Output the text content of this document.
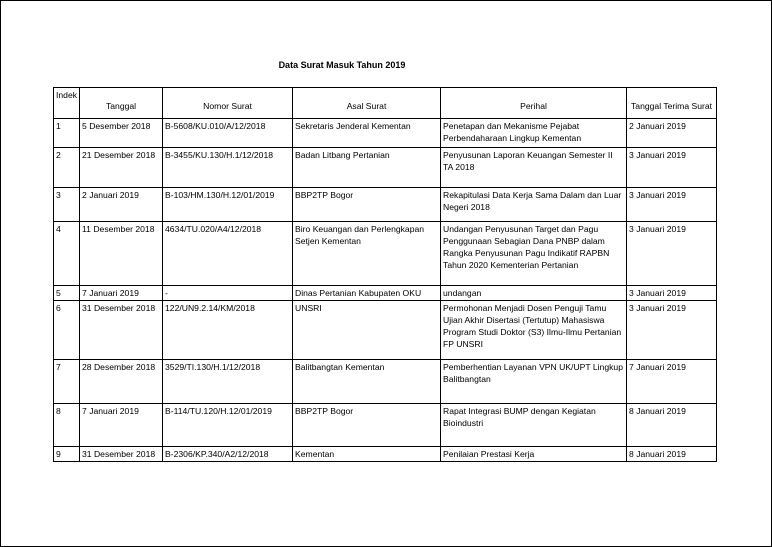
Data Surat Masuk Tahun 2019
Indek	Tanggal	Nomor Surat	Asal Surat	Perihal	Tanggal Terima Surat
1	5 Desember 2018	B-5608/KU.010/A/12/2018	Sekretaris Jenderal Kementan	Penetapan dan Mekanisme Pejabat Perbendaharaan Lingkup Kementan	2 Januari 2019
2	21 Desember 2018	B-3455/KU.130/H.1/12/2018	Badan Litbang Pertanian	Penyusunan Laporan Keuangan Semester II TA 2018	3 Januari 2019
3	2 Januari 2019	B-103/HM.130/H.12/01/2019	BBP2TP Bogor	Rekapitulasi Data Kerja Sama Dalam dan Luar Negeri 2018	3 Januari 2019
4	11 Desember 2018	4634/TU.020/A4/12/2018	Biro Keuangan dan Perlengkapan Setjen Kementan	Undangan Penyusunan Target dan Pagu Penggunaan Sebagian Dana PNBP dalam Rangka Penyusunan Pagu Indikatif RAPBN Tahun 2020 Kementerian Pertanian	3 Januari 2019
5	7 Januari 2019	-	Dinas Pertanian Kabupaten OKU	undangan	3 Januari 2019
6	31 Desember 2018	122/UN9.2.14/KM/2018	UNSRI	Permohonan Menjadi Dosen Penguji Tamu Ujian Akhir Disertasi (Tertutup) Mahasiswa Program Studi Doktor (S3) Ilmu-Ilmu Pertanian FP UNSRI	3 Januari 2019
7	28 Desember 2018	3529/TI.130/H.1/12/2018	Balitbangtan Kementan	Pemberhentian Layanan VPN UK/UPT Lingkup Balitbangtan	7 Januari 2019
8	7 Januari 2019	B-114/TU.120/H.12/01/2019	BBP2TP Bogor	Rapat Integrasi BUMP dengan Kegiatan Bioindustri	8 Januari 2019
9	31 Desember 2018	B-2306/KP.340/A2/12/2018	Kementan	Penilaian Prestasi Kerja	8 Januari 2019
